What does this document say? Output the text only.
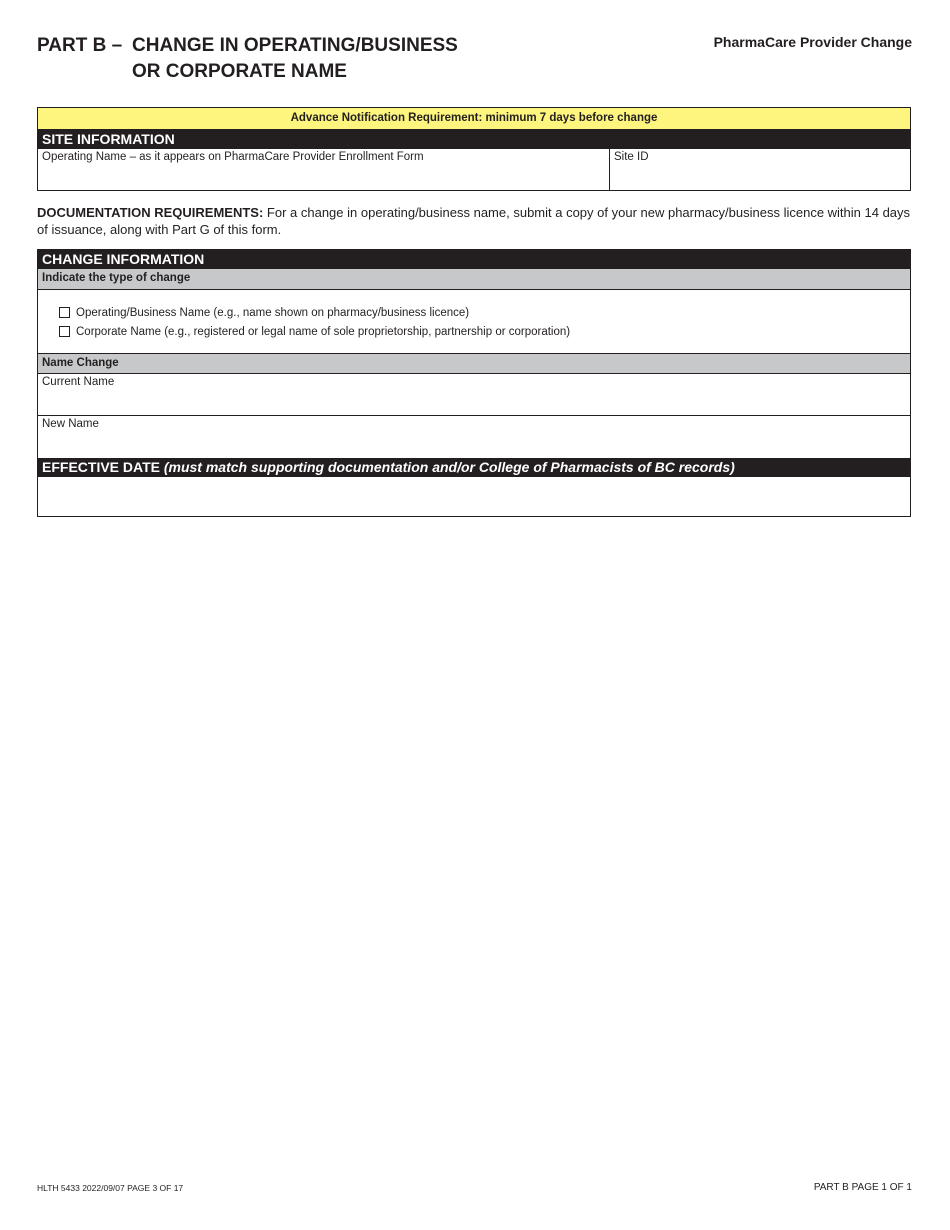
PART B – CHANGE IN OPERATING/BUSINESS
OR CORPORATE NAME
PharmaCare Provider Change
Advance Notification Requirement: minimum 7 days before change
SITE INFORMATION
Operating Name – as it appears on PharmaCare Provider Enrollment Form	Site ID
DOCUMENTATION REQUIREMENTS: For a change in operating/business name, submit a copy of your new pharmacy/business licence within 14 days of issuance, along with Part G of this form.
CHANGE INFORMATION
Indicate the type of change
Operating/Business Name (e.g., name shown on pharmacy/business licence)
Corporate Name (e.g., registered or legal name of sole proprietorship, partnership or corporation)
Name Change
Current Name
New Name
EFFECTIVE DATE (must match supporting documentation and/or College of Pharmacists of BC records)
HLTH 5433 2022/09/07 PAGE 3 OF 17	PART B PAGE 1 OF 1
